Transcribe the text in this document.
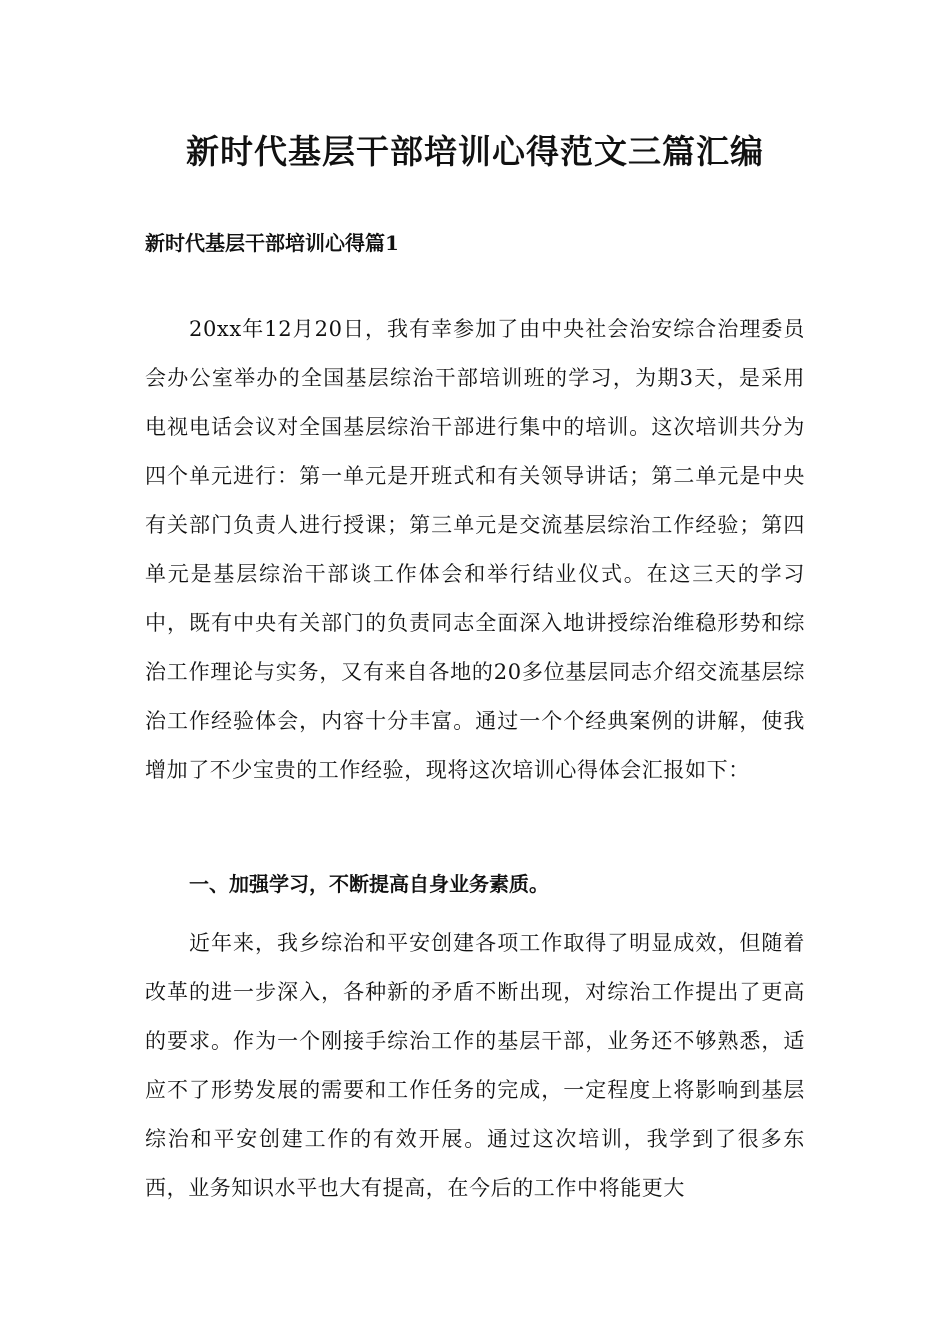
新时代基层干部培训心得范文三篇汇编
新时代基层干部培训心得篇1

20xx年12月20日，我有幸参加了由中央社会治安综合治理委员会办公室举办的全国基层综治干部培训班的学习，为期3天，是采用电视电话会议对全国基层综治干部进行集中的培训。这次培训共分为四个单元进行：第一单元是开班式和有关领导讲话；第二单元是中央有关部门负责人进行授课；第三单元是交流基层综治工作经验；第四单元是基层综治干部谈工作体会和举行结业仪式。在这三天的学习中，既有中央有关部门的负责同志全面深入地讲授综治维稳形势和综治工作理论与实务，又有来自各地的20多位基层同志介绍交流基层综治工作经验体会，内容十分丰富。通过一个个经典案例的讲解，使我增加了不少宝贵的工作经验，现将这次培训心得体会汇报如下：

一、加强学习，不断提高自身业务素质。

近年来，我乡综治和平安创建各项工作取得了明显成效，但随着改革的进一步深入，各种新的矛盾不断出现，对综治工作提出了更高的要求。作为一个刚接手综治工作的基层干部，业务还不够熟悉，适应不了形势发展的需要和工作任务的完成，一定程度上将影响到基层综治和平安创建工作的有效开展。通过这次培训，我学到了很多东西，业务知识水平也大有提高，在今后的工作中将能更大
